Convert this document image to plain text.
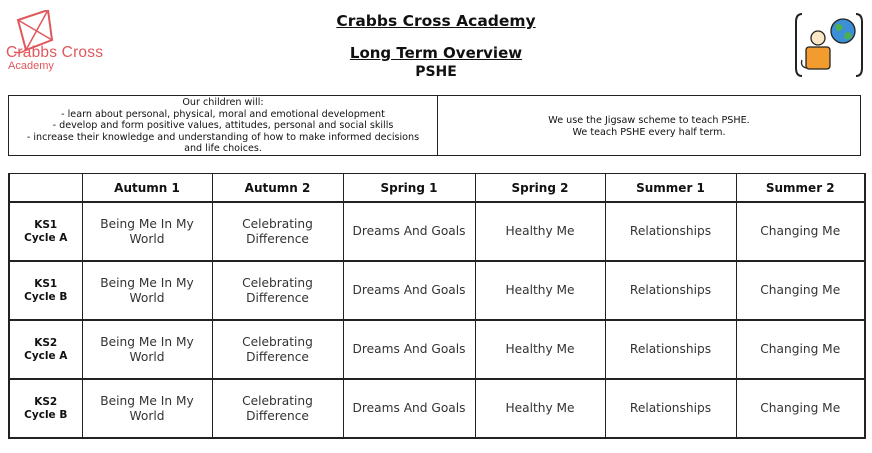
Crabbs Cross
Academy
Crabbs Cross Academy
Long Term Overview
PSHE
Our children will:
- learn about personal, physical, moral and emotional development
- develop and form positive values, attitudes, personal and social skills
- increase their knowledge and understanding of how to make informed decisions
and life choices.
We use the Jigsaw scheme to teach PSHE.
We teach PSHE every half term.
	Autumn 1	Autumn 2	Spring 1	Spring 2	Summer 1	Summer 2

KS1
Cycle A	Being Me In My World	Celebrating Difference	Dreams And Goals	Healthy Me	Relationships	Changing Me

KS1
Cycle B	Being Me In My World	Celebrating Difference	Dreams And Goals	Healthy Me	Relationships	Changing Me

KS2
Cycle A	Being Me In My World	Celebrating Difference	Dreams And Goals	Healthy Me	Relationships	Changing Me

KS2
Cycle B	Being Me In My World	Celebrating Difference	Dreams And Goals	Healthy Me	Relationships	Changing Me
